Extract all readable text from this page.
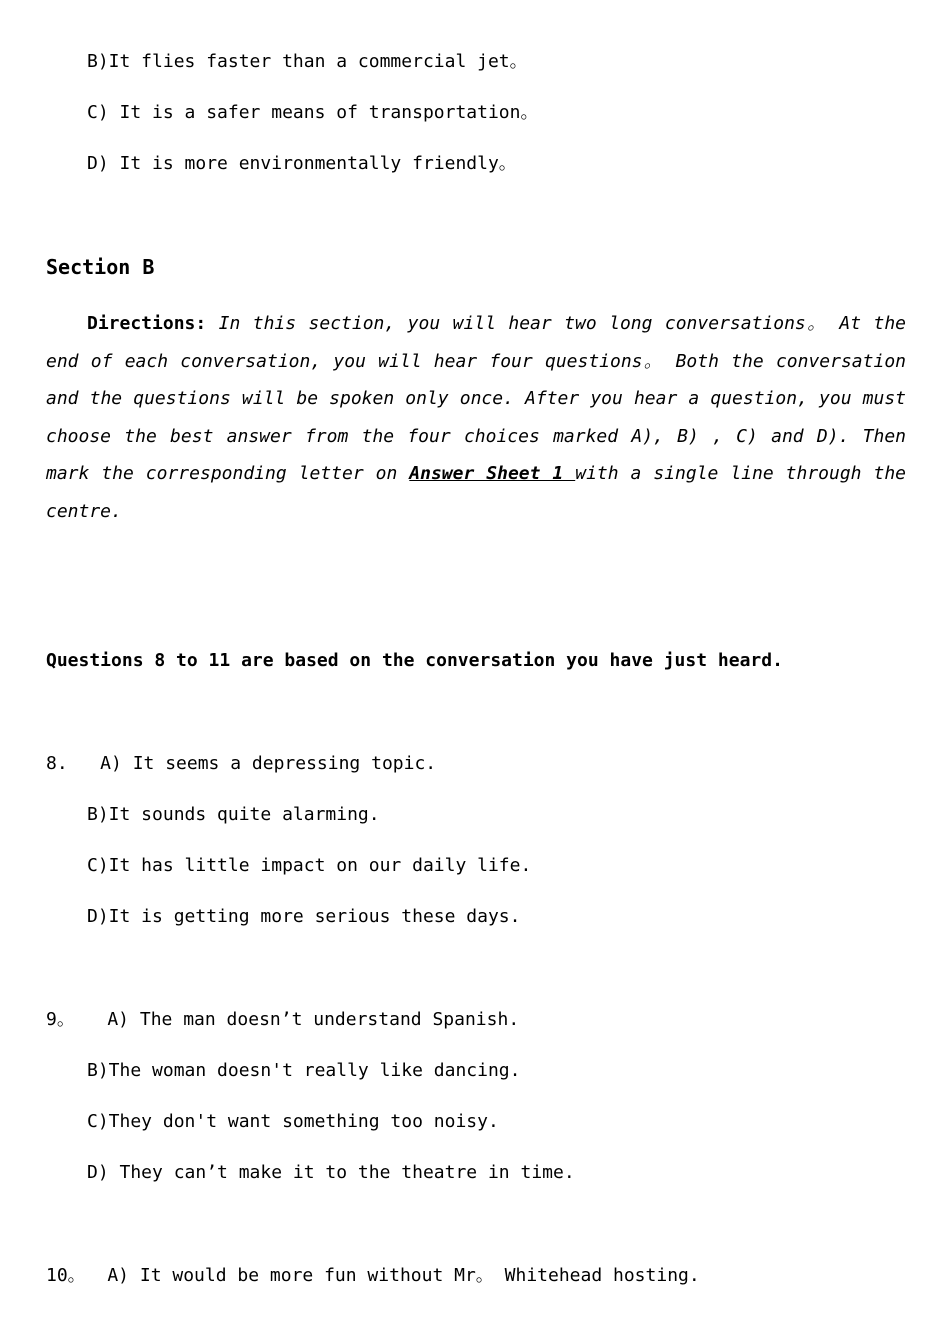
B)It flies faster than a commercial jet。
C) It is a safer means of transportation。
D) It is more environmentally friendly。
Section B
Directions: In this section, you will hear two long conversations。 At the end of each conversation, you will hear four questions。 Both the conversation and the questions will be spoken only once. After you hear a question, you must choose the best answer from the four choices marked A), B) , C) and D). Then mark the corresponding letter on Answer Sheet 1 with a single line through the centre.
Questions 8 to 11 are based on the conversation you have just heard.
8.   A) It seems a depressing topic.
B)It sounds quite alarming.
C)It has little impact on our daily life.
D)It is getting more serious these days.
9。   A) The man doesn’t understand Spanish.
B)The woman doesn't really like dancing.
C)They don't want something too noisy.
D) They can’t make it to the theatre in time.
10。  A) It would be more fun without Mr。 Whitehead hosting.
